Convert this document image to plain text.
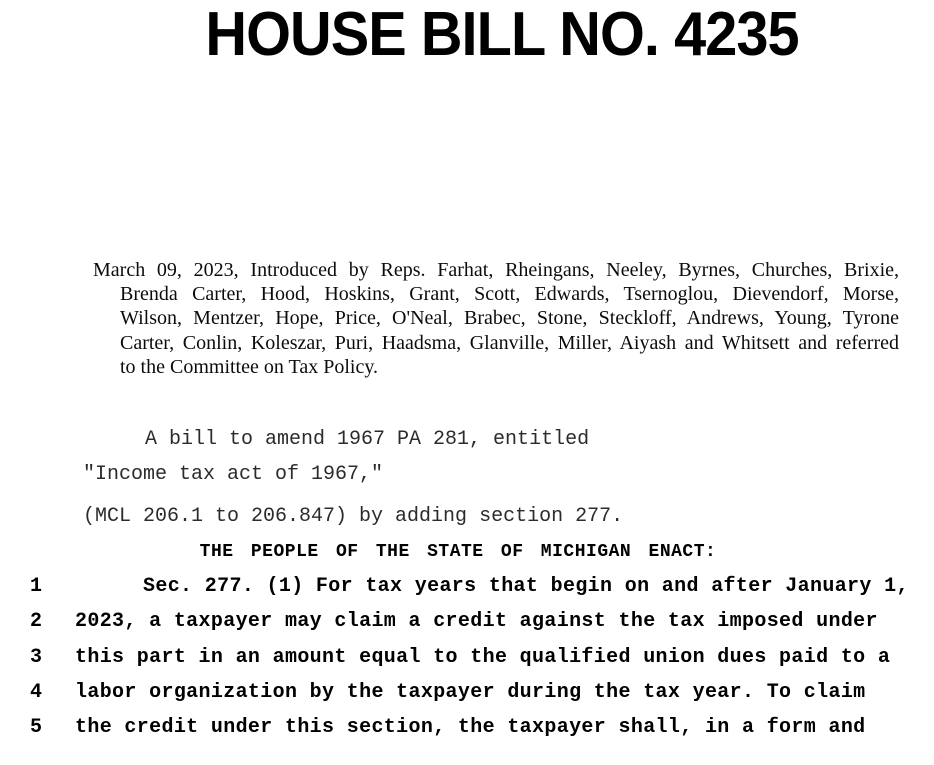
HOUSE BILL NO. 4235
March 09, 2023, Introduced by Reps. Farhat, Rheingans, Neeley, Byrnes, Churches, Brixie,
Brenda Carter, Hood, Hoskins, Grant, Scott, Edwards, Tsernoglou, Dievendorf, Morse,
Wilson, Mentzer, Hope, Price, O'Neal, Brabec, Stone, Steckloff, Andrews, Young, Tyrone
Carter, Conlin, Koleszar, Puri, Haadsma, Glanville, Miller, Aiyash and Whitsett and referred
to the Committee on Tax Policy.
A bill to amend 1967 PA 281, entitled
"Income tax act of 1967,"
(MCL 206.1 to 206.847) by adding section 277.
THE PEOPLE OF THE STATE OF MICHIGAN ENACT:
1	Sec. 277. (1) For tax years that begin on and after January 1,
2 2023, a taxpayer may claim a credit against the tax imposed under
3 this part in an amount equal to the qualified union dues paid to a
4 labor organization by the taxpayer during the tax year. To claim
5 the credit under this section, the taxpayer shall, in a form and
